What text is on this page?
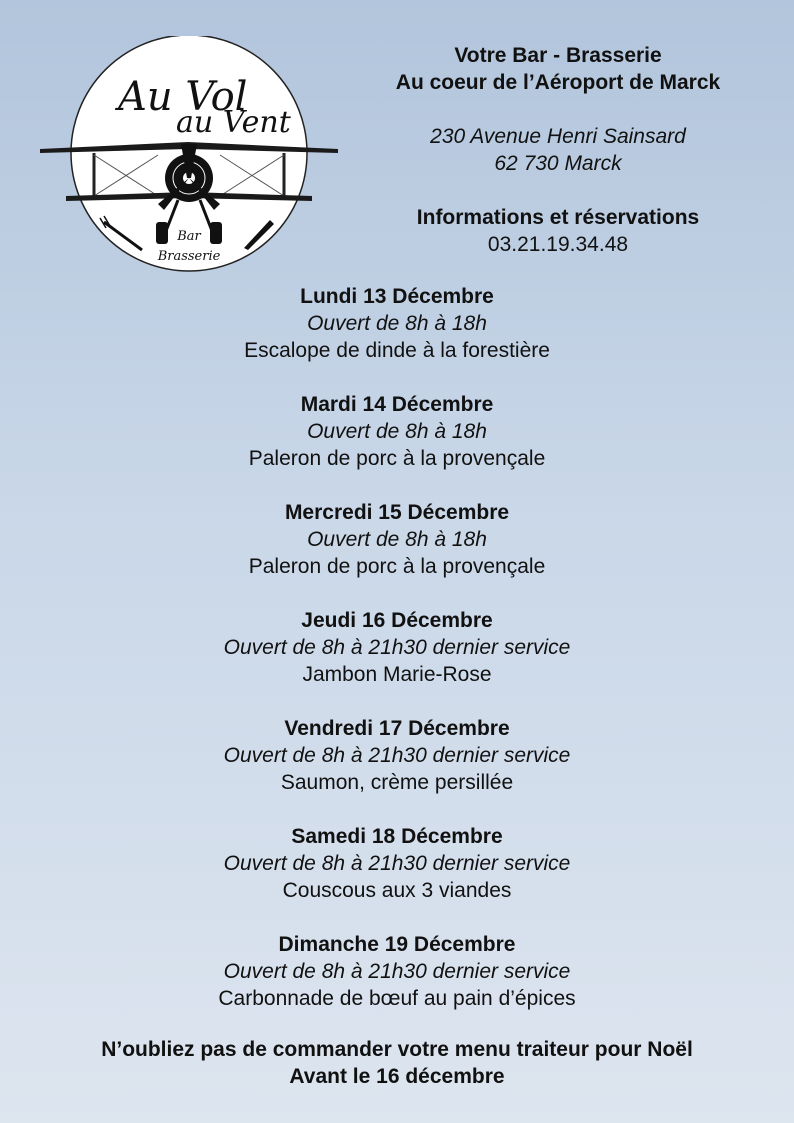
Au Vol
au Vent
Bar
Brasserie
Votre Bar - Brasserie
Au coeur de l’Aéroport de Marck
230 Avenue Henri Sainsard
62 730 Marck
Informations et réservations
03.21.19.34.48
Lundi 13 Décembre
Ouvert de 8h à 18h
Escalope de dinde à la forestière
Mardi 14 Décembre
Ouvert de 8h à 18h
Paleron de porc à la provençale
Mercredi 15 Décembre
Ouvert de 8h à 18h
Paleron de porc à la provençale
Jeudi 16 Décembre
Ouvert de 8h à 21h30 dernier service
Jambon Marie-Rose
Vendredi 17 Décembre
Ouvert de 8h à 21h30 dernier service
Saumon, crème persillée
Samedi 18 Décembre
Ouvert de 8h à 21h30 dernier service
Couscous aux 3 viandes
Dimanche 19 Décembre
Ouvert de 8h à 21h30 dernier service
Carbonnade de bœuf au pain d’épices
N’oubliez pas de commander votre menu traiteur pour Noël
Avant le 16 décembre
